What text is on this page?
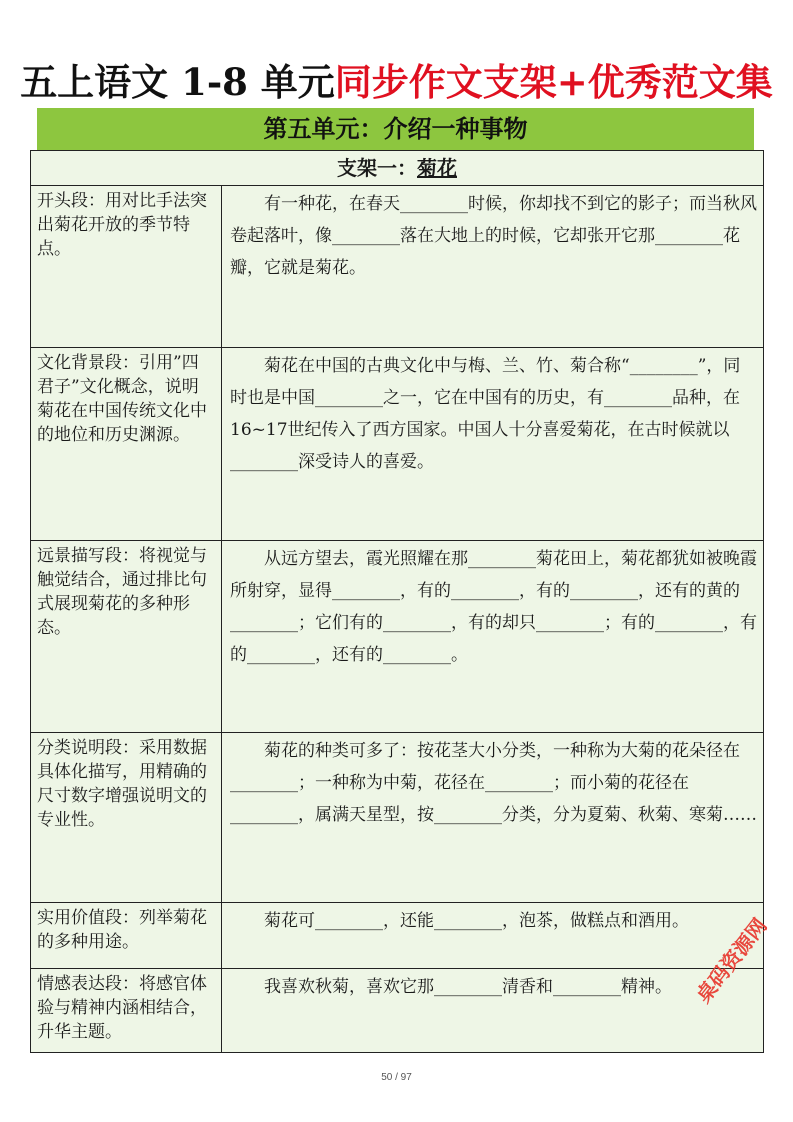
五上语文 1-8 单元同步作文支架+优秀范文集
第五单元：介绍一种事物
支架一：菊花	
开头段：用对比手法突出菊花开放的季节特点。	有一种花，在春天________时候，你却找不到它的影子；而当秋风卷起落叶，像________落在大地上的时候，它却张开它那________花瓣，它就是菊花。
文化背景段：引用”四君子”文化概念，说明菊花在中国传统文化中的地位和历史渊源。	菊花在中国的古典文化中与梅、兰、竹、菊合称“________”，同时也是中国________之一，它在中国有的历史，有________品种，在16~17世纪传入了西方国家。中国人十分喜爱菊花，在古时候就以________深受诗人的喜爱。
远景描写段：将视觉与触觉结合，通过排比句式展现菊花的多种形态。	从远方望去，霞光照耀在那________菊花田上，菊花都犹如被晚霞所射穿，显得________，有的________，有的________，还有的黄的________；它们有的________，有的却只________；有的________，有的________，还有的________。
分类说明段：采用数据具体化描写，用精确的尺寸数字增强说明文的专业性。	菊花的种类可多了：按花茎大小分类，一种称为大菊的花朵径在________；一种称为中菊，花径在________；而小菊的花径在________，属满天星型，按________分类，分为夏菊、秋菊、寒菊……
实用价值段：列举菊花的多种用途。	菊花可________，还能________，泡茶，做糕点和酒用。
情感表达段：将感官体验与精神内涵相结合，升华主题。	我喜欢秋菊，喜欢它那________清香和________精神。 桌码资源网
50 / 97
